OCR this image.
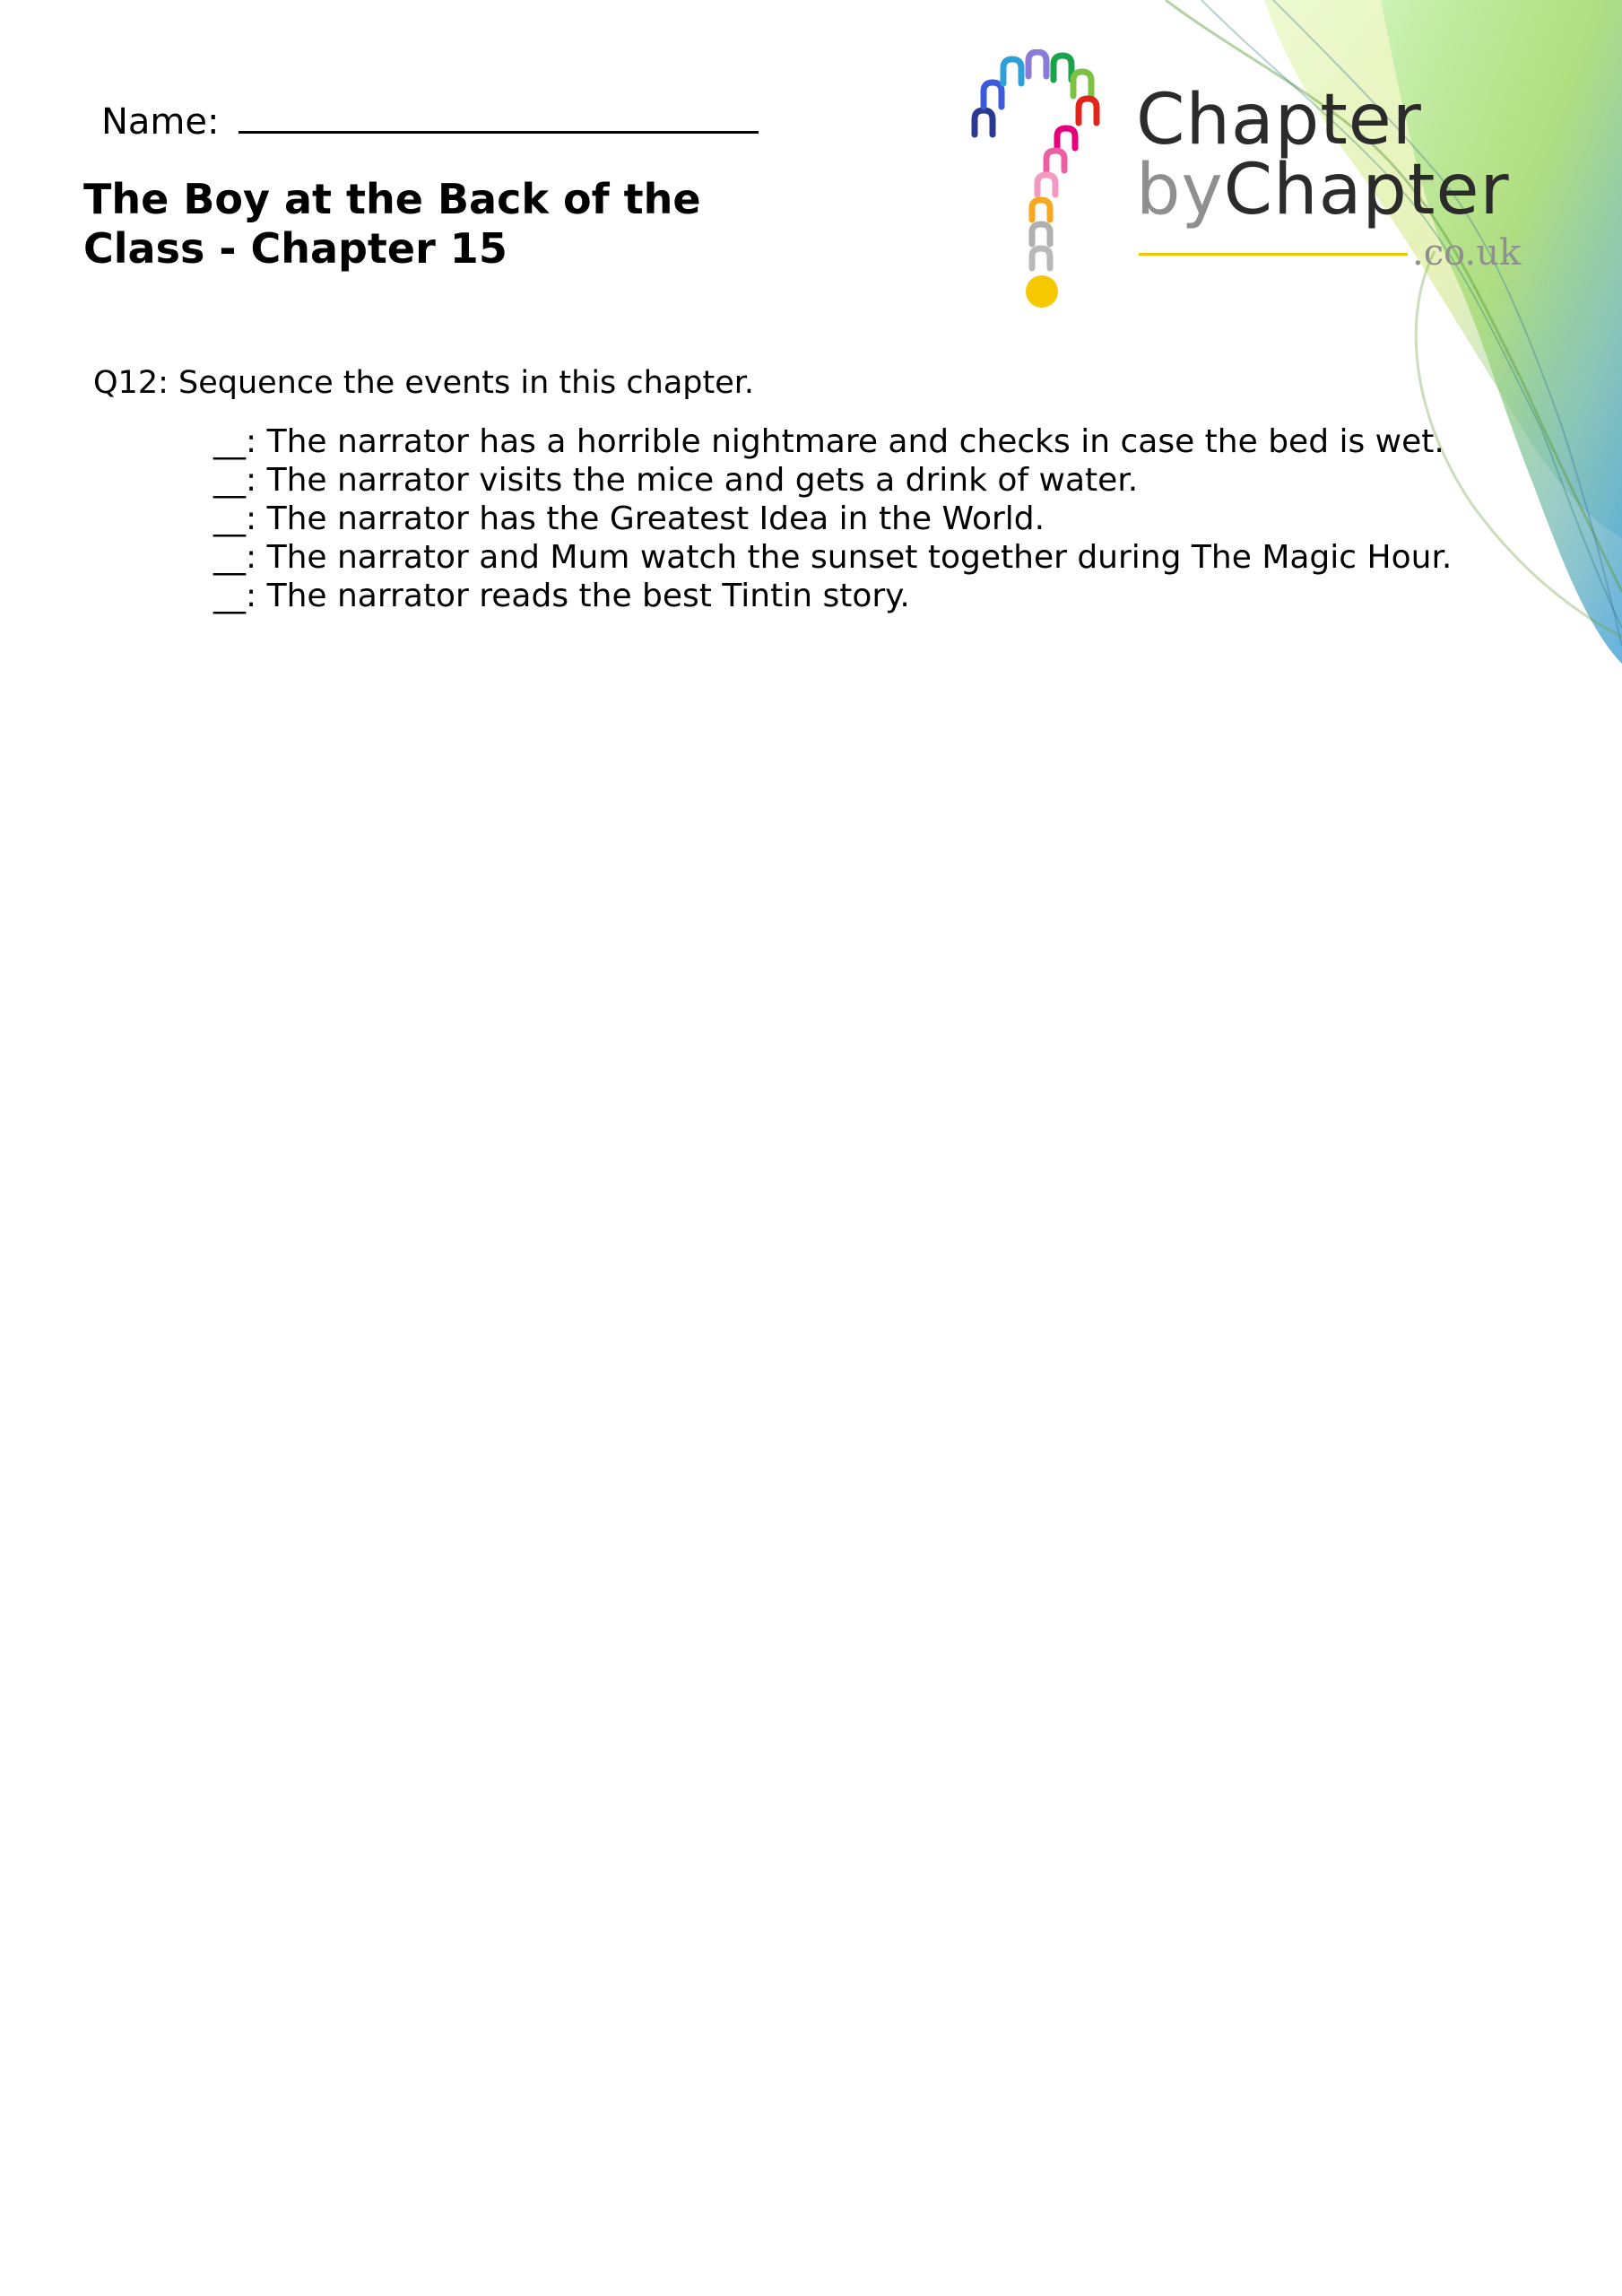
Name:
The Boy at the Back of the
Class - Chapter 15
Chapter
byChapter
.co.uk
Q12: Sequence the events in this chapter.
__: The narrator has a horrible nightmare and checks in case the bed is wet.
__: The narrator visits the mice and gets a drink of water.
__: The narrator has the Greatest Idea in the World.
__: The narrator and Mum watch the sunset together during The Magic Hour.
__: The narrator reads the best Tintin story.
